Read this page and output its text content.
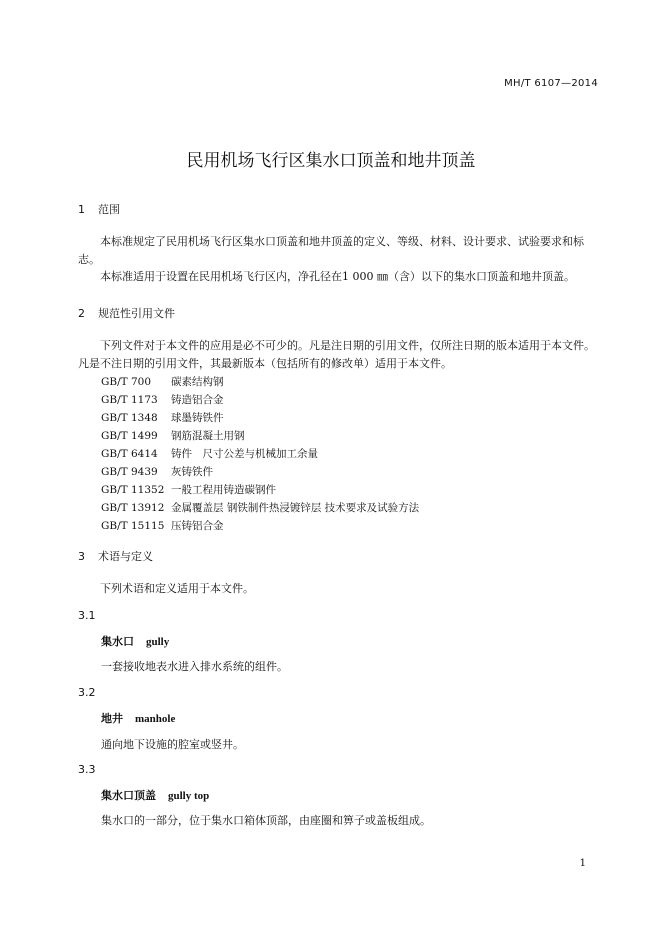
MH/T 6107—2014
民用机场飞行区集水口顶盖和地井顶盖
1 范围
本标准规定了民用机场飞行区集水口顶盖和地井顶盖的定义、等级、材料、设计要求、试验要求和标志。
本标准适用于设置在民用机场飞行区内，净孔径在1 000 ㎜（含）以下的集水口顶盖和地井顶盖。
2 规范性引用文件
下列文件对于本文件的应用是必不可少的。凡是注日期的引用文件，仅所注日期的版本适用于本文件。凡是不注日期的引用文件，其最新版本（包括所有的修改单）适用于本文件。
GB/T 700 碳素结构钢
GB/T 1173 铸造铝合金
GB/T 1348 球墨铸铁件
GB/T 1499 钢筋混凝土用钢
GB/T 6414 铸件　尺寸公差与机械加工余量
GB/T 9439 灰铸铁件
GB/T 11352 一般工程用铸造碳钢件
GB/T 13912 金属覆盖层 钢铁制件热浸镀锌层 技术要求及试验方法
GB/T 15115 压铸铝合金
3 术语与定义
下列术语和定义适用于本文件。
3.1
集水口 gully
一套接收地表水进入排水系统的组件。
3.2
地井 manhole
通向地下设施的腔室或竖井。
3.3
集水口顶盖 gully top
集水口的一部分，位于集水口箱体顶部，由座圈和箅子或盖板组成。
1
